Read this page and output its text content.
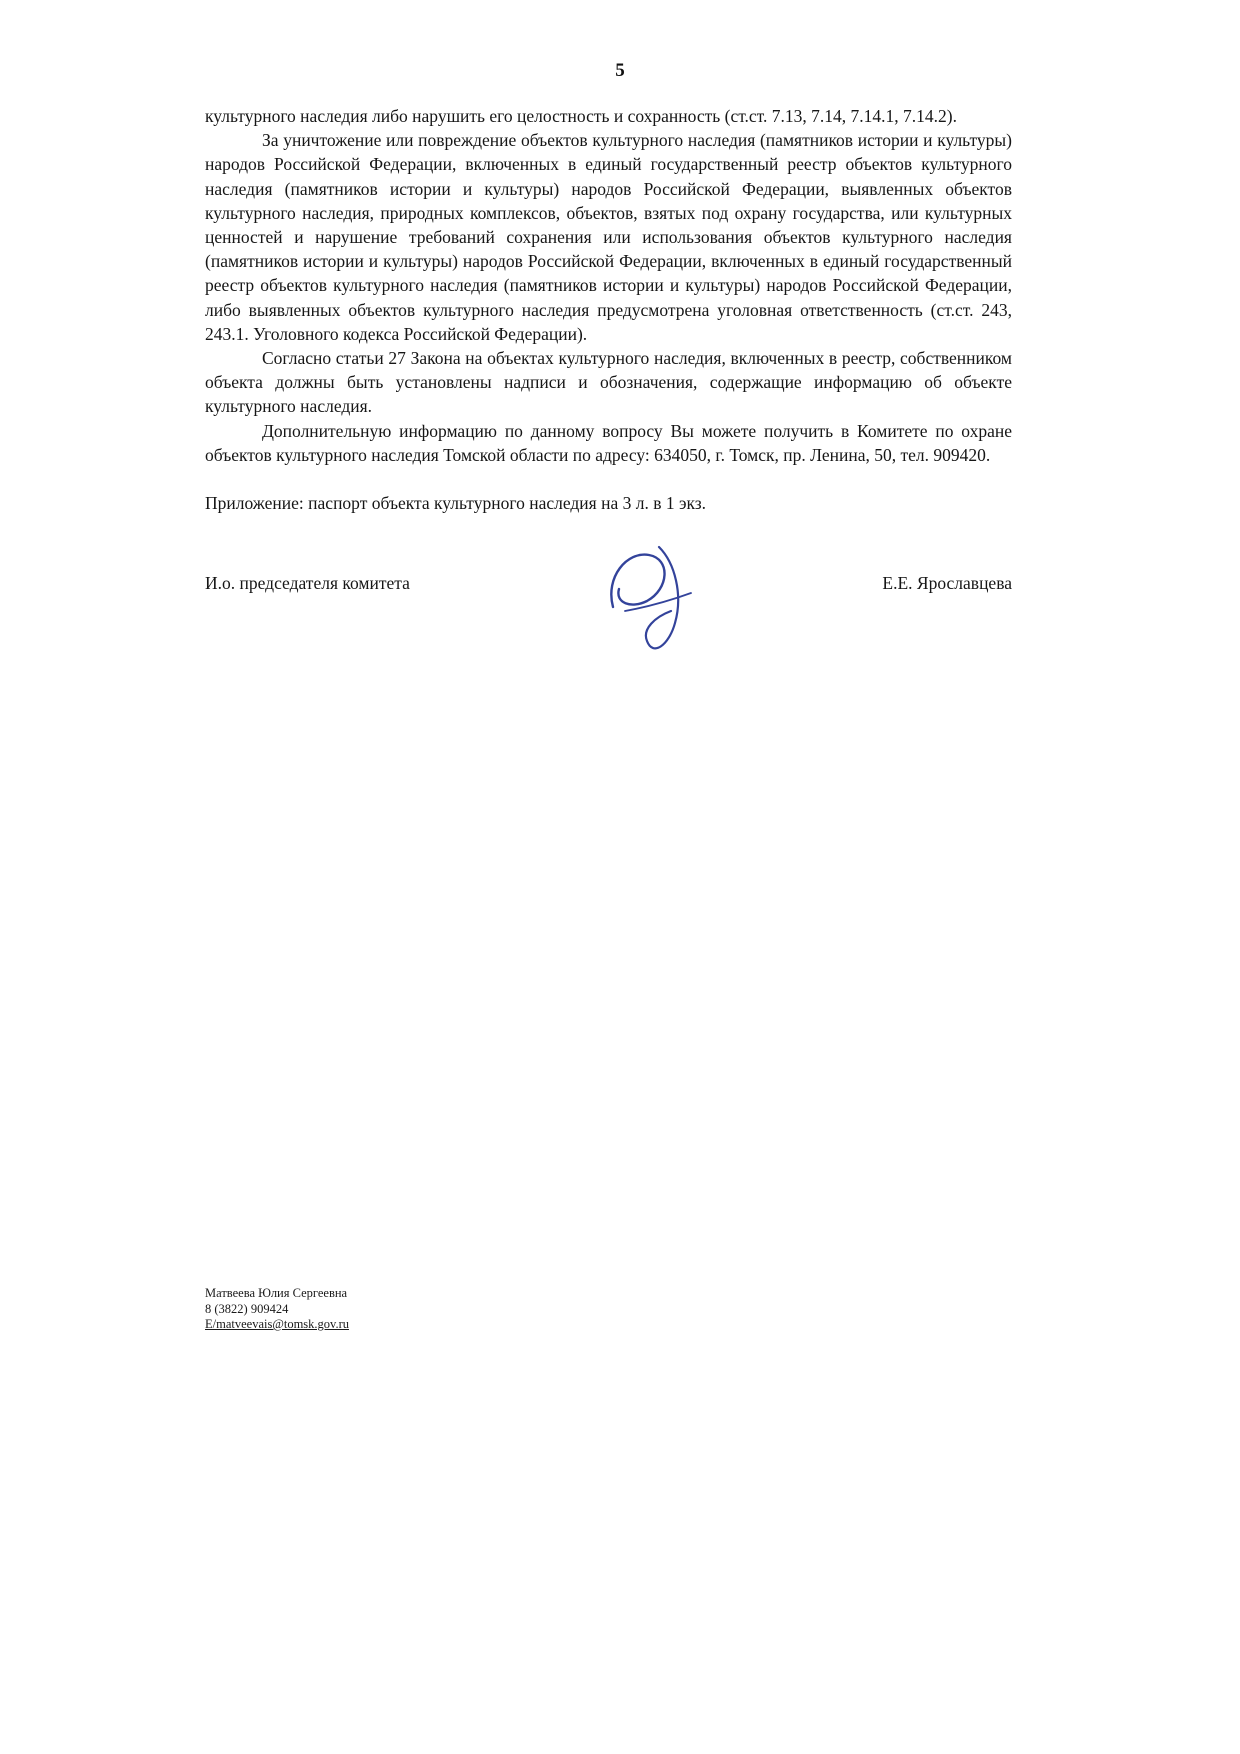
5

культурного наследия либо нарушить его целостность и сохранность (ст.ст. 7.13, 7.14, 7.14.1, 7.14.2).

За уничтожение или повреждение объектов культурного наследия (памятников истории и культуры) народов Российской Федерации, включенных в единый государственный реестр объектов культурного наследия (памятников истории и культуры) народов Российской Федерации, выявленных объектов культурного наследия, природных комплексов, объектов, взятых под охрану государства, или культурных ценностей и нарушение требований сохранения или использования объектов культурного наследия (памятников истории и культуры) народов Российской Федерации, включенных в единый государственный реестр объектов культурного наследия (памятников истории и культуры) народов Российской Федерации, либо выявленных объектов культурного наследия предусмотрена уголовная ответственность (ст.ст. 243, 243.1. Уголовного кодекса Российской Федерации).

Согласно статьи 27 Закона на объектах культурного наследия, включенных в реестр, собственником объекта должны быть установлены надписи и обозначения, содержащие информацию об объекте культурного наследия.

Дополнительную информацию по данному вопросу Вы можете получить в Комитете по охране объектов культурного наследия Томской области по адресу: 634050, г. Томск, пр. Ленина, 50, тел. 909420.

Приложение: паспорт объекта культурного наследия на 3 л. в 1 экз.

И.о. председателя комитета	Е.Е. Ярославцева
Матвеева Юлия Сергеевна
8 (3822) 909424
E/matveevais@tomsk.gov.ru
